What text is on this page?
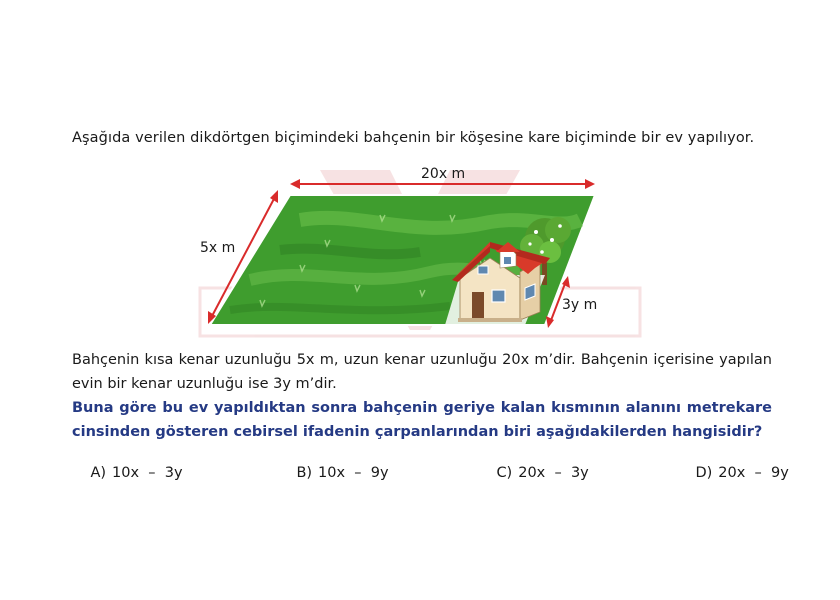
Aşağıda verilen dikdörtgen biçimindeki bahçenin bir köşesine kare biçiminde bir ev yapılıyor.
20x m
5x m
3y m
Bahçenin kısa kenar uzunluğu 5x m, uzun kenar uzunluğu 20x m’dir. Bahçenin içerisine yapılan evin bir kenar uzunluğu ise 3y m’dir.
Buna göre bu ev yapıldıktan sonra bahçenin geriye kalan kısmının alanını metrekare cinsinden gösteren cebirsel ifadenin çarpanlarından biri aşağıdakilerden hangisidir?

A) 10x  –  3y
	B) 10x  –  9y
	C) 20x  –  3y
	D) 20x  –  9y
